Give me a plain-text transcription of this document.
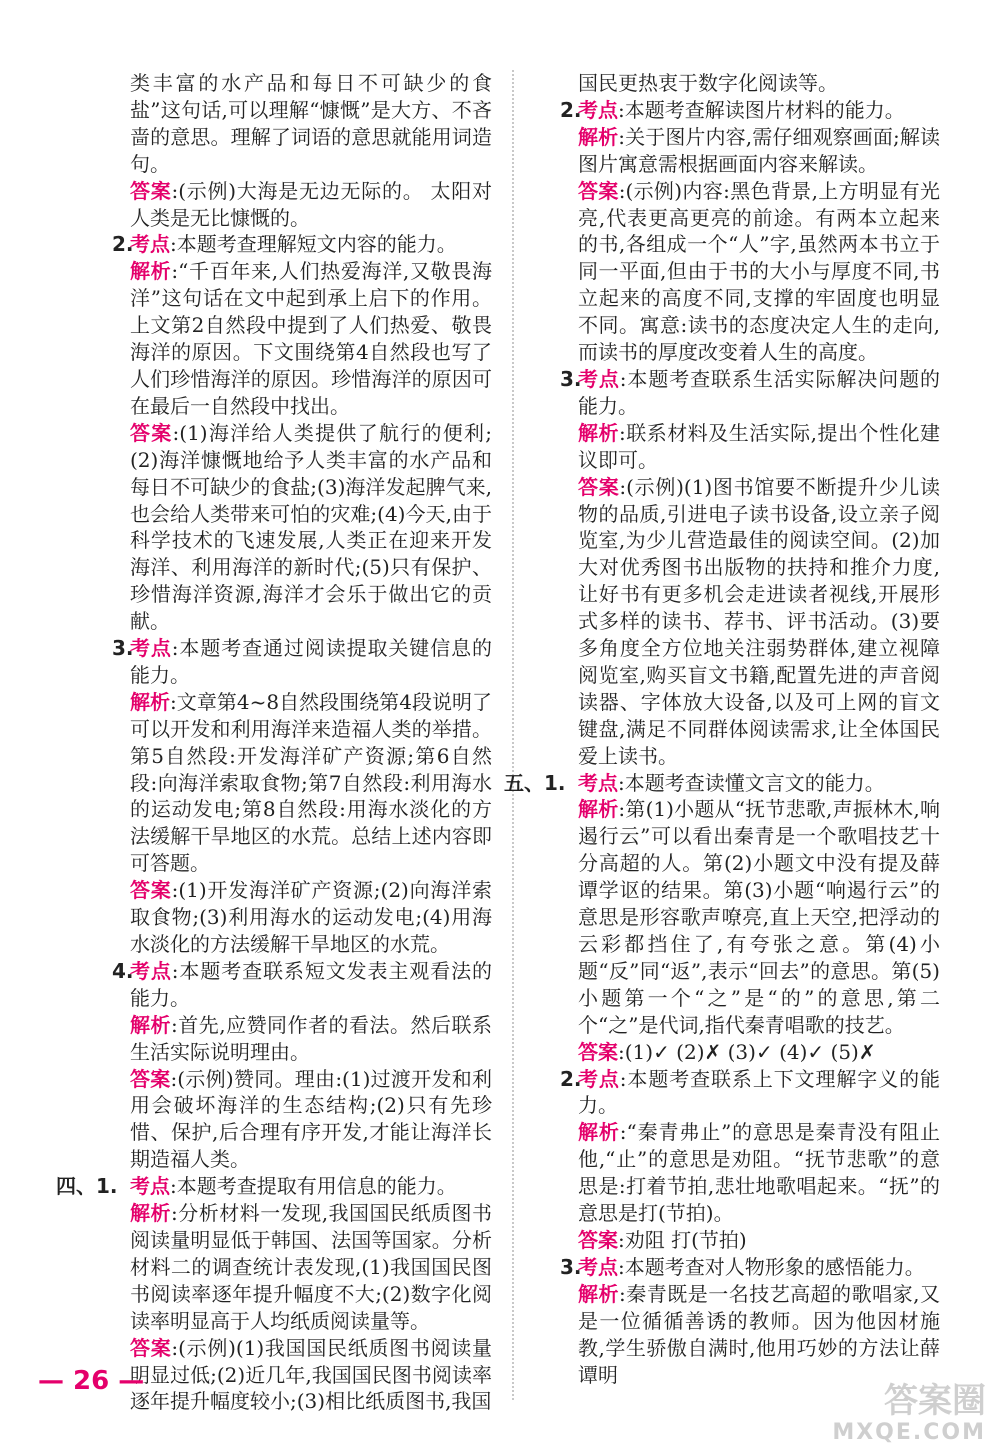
类丰富的水产品和每日不可缺少的食盐”这句话,可以理解“慷慨”是大方、不吝啬的意思。理解了词语的意思就能用词造句。
答案:(示例)大海是无边无际的。 太阳对人类是无比慷慨的。
2.
考点:本题考查理解短文内容的能力。
解析:“千百年来,人们热爱海洋,又敬畏海洋”这句话在文中起到承上启下的作用。上文第2自然段中提到了人们热爱、敬畏海洋的原因。下文围绕第4自然段也写了人们珍惜海洋的原因。珍惜海洋的原因可在最后一自然段中找出。
答案:(1)海洋给人类提供了航行的便利;(2)海洋慷慨地给予人类丰富的水产品和每日不可缺少的食盐;(3)海洋发起脾气来,也会给人类带来可怕的灾难;(4)今天,由于科学技术的飞速发展,人类正在迎来开发海洋、利用海洋的新时代;(5)只有保护、珍惜海洋资源,海洋才会乐于做出它的贡献。
3.
考点:本题考查通过阅读提取关键信息的能力。
解析:文章第4~8自然段围绕第4段说明了可以开发和利用海洋来造福人类的举措。第5自然段:开发海洋矿产资源;第6自然段:向海洋索取食物;第7自然段:利用海水的运动发电;第8自然段:用海水淡化的方法缓解干旱地区的水荒。总结上述内容即可答题。
答案:(1)开发海洋矿产资源;(2)向海洋索取食物;(3)利用海水的运动发电;(4)用海水淡化的方法缓解干旱地区的水荒。
4.
考点:本题考查联系短文发表主观看法的能力。
解析:首先,应赞同作者的看法。然后联系生活实际说明理由。
答案:(示例)赞同。理由:(1)过渡开发和利用会破坏海洋的生态结构;(2)只有先珍惜、保护,后合理有序开发,才能让海洋长期造福人类。
四、1. 考点:本题考查提取有用信息的能力。
解析:分析材料一发现,我国国民纸质图书阅读量明显低于韩国、法国等国家。分析材料二的调查统计表发现,(1)我国国民图书阅读率逐年提升幅度不大;(2)数字化阅读率明显高于人均纸质阅读量等。
答案:(示例)(1)我国国民纸质图书阅读量明显过低;(2)近几年,我国国民图书阅读率逐年提升幅度较小;(3)相比纸质图书,我国
国民更热衷于数字化阅读等。
2.
考点:本题考查解读图片材料的能力。
解析:关于图片内容,需仔细观察画面;解读图片寓意需根据画面内容来解读。
答案:(示例)内容:黑色背景,上方明显有光亮,代表更高更亮的前途。有两本立起来的书,各组成一个“人”字,虽然两本书立于同一平面,但由于书的大小与厚度不同,书立起来的高度不同,支撑的牢固度也明显不同。寓意:读书的态度决定人生的走向,而读书的厚度改变着人生的高度。
3.
考点:本题考查联系生活实际解决问题的能力。
解析:联系材料及生活实际,提出个性化建议即可。
答案:(示例)(1)图书馆要不断提升少儿读物的品质,引进电子读书设备,设立亲子阅览室,为少儿营造最佳的阅读空间。(2)加大对优秀图书出版物的扶持和推介力度,让好书有更多机会走进读者视线,开展形式多样的读书、荐书、评书活动。(3)要多角度全方位地关注弱势群体,建立视障阅览室,购买盲文书籍,配置先进的声音阅读器、字体放大设备,以及可上网的盲文键盘,满足不同群体阅读需求,让全体国民爱上读书。
五、1. 考点:本题考查读懂文言文的能力。
解析:第(1)小题从“抚节悲歌,声振林木,响遏行云”可以看出秦青是一个歌唱技艺十分高超的人。第(2)小题文中没有提及薛谭学讴的结果。第(3)小题“响遏行云”的意思是形容歌声嘹亮,直上天空,把浮动的云彩都挡住了,有夸张之意。第(4)小题“反”同“返”,表示“回去”的意思。第(5)小题第一个“之”是“的”的意思,第二个“之”是代词,指代秦青唱歌的技艺。
答案:(1)✓ (2)✗ (3)✓ (4)✓ (5)✗
2.
考点:本题考查联系上下文理解字义的能力。
解析:“秦青弗止”的意思是秦青没有阻止他,“止”的意思是劝阻。“抚节悲歌”的意思是:打着节拍,悲壮地歌唱起来。“抚”的意思是打(节拍)。
答案:劝阻 打(节拍)
3.
考点:本题考查对人物形象的感悟能力。
解析:秦青既是一名技艺高超的歌唱家,又是一位循循善诱的教师。因为他因材施教,学生骄傲自满时,他用巧妙的方法让薛谭明
— 26 —	答案圈
MXQE.COM
